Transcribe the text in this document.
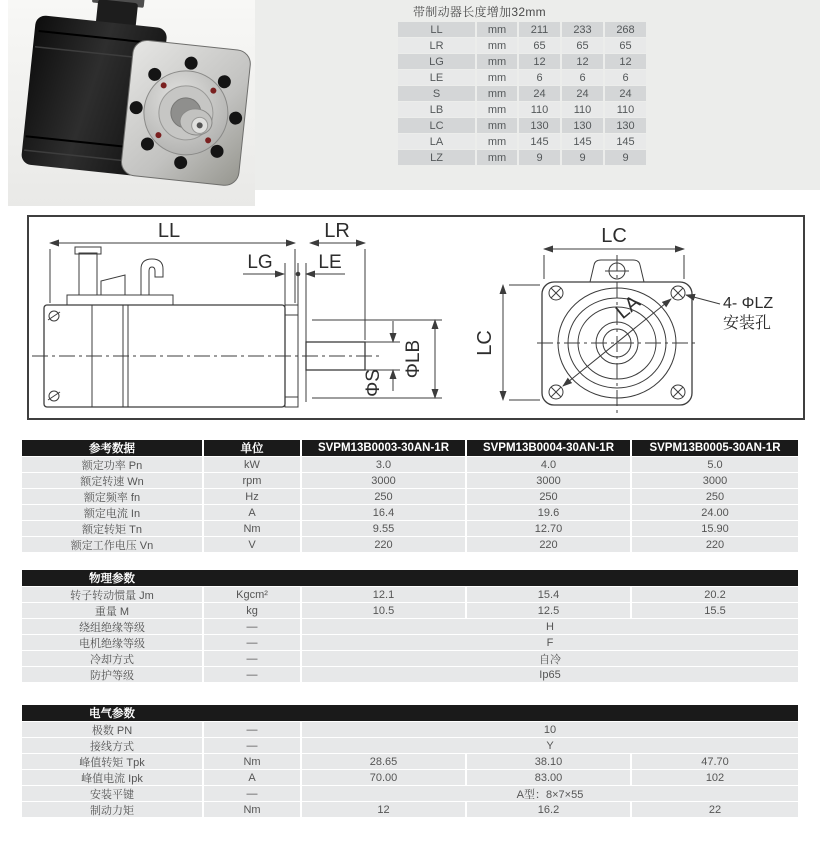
带制动器长度增加32mm
LL	mm	211	233	268
LR	mm	65	65	65
LG	mm	12	12	12
LE	mm	6	6	6
S	mm	24	24	24
LB	mm	110	110	110
LC	mm	130	130	130
LA	mm	145	145	145
LZ	mm	9	9	9
LL	LR
LG LE
ΦLB
ΦS
LC
LC
LA	4- ΦLZ
安装孔
参考数据	单位	SVPM13B0003-30AN-1R	SVPM13B0004-30AN-1R	SVPM13B0005-30AN-1R
额定功率 Pn	kW	3.0	4.0	5.0
额定转速 Wn	rpm	3000	3000	3000
额定频率 fn	Hz	250	250	250
额定电流 In	A	16.4	19.6	24.00
额定转矩 Tn	Nm	9.55	12.70	15.90
额定工作电压 Vn	V	220	220	220
物理参数
转子转动惯量 Jm	Kgcm²	12.1	15.4	20.2
重量 M	kg	10.5	12.5	15.5
绕组绝缘等级	—	H
电机绝缘等级	—	F
冷却方式	—	自冷
防护等级	—	Ip65
电气参数
极数 PN	—	10
接线方式	—	Y
峰值转矩 Tpk	Nm	28.65	38.10	47.70
峰值电流 Ipk	A	70.00	83.00	102
安装平键	—	A型：8×7×55
制动力矩	Nm	12	16.2	22
